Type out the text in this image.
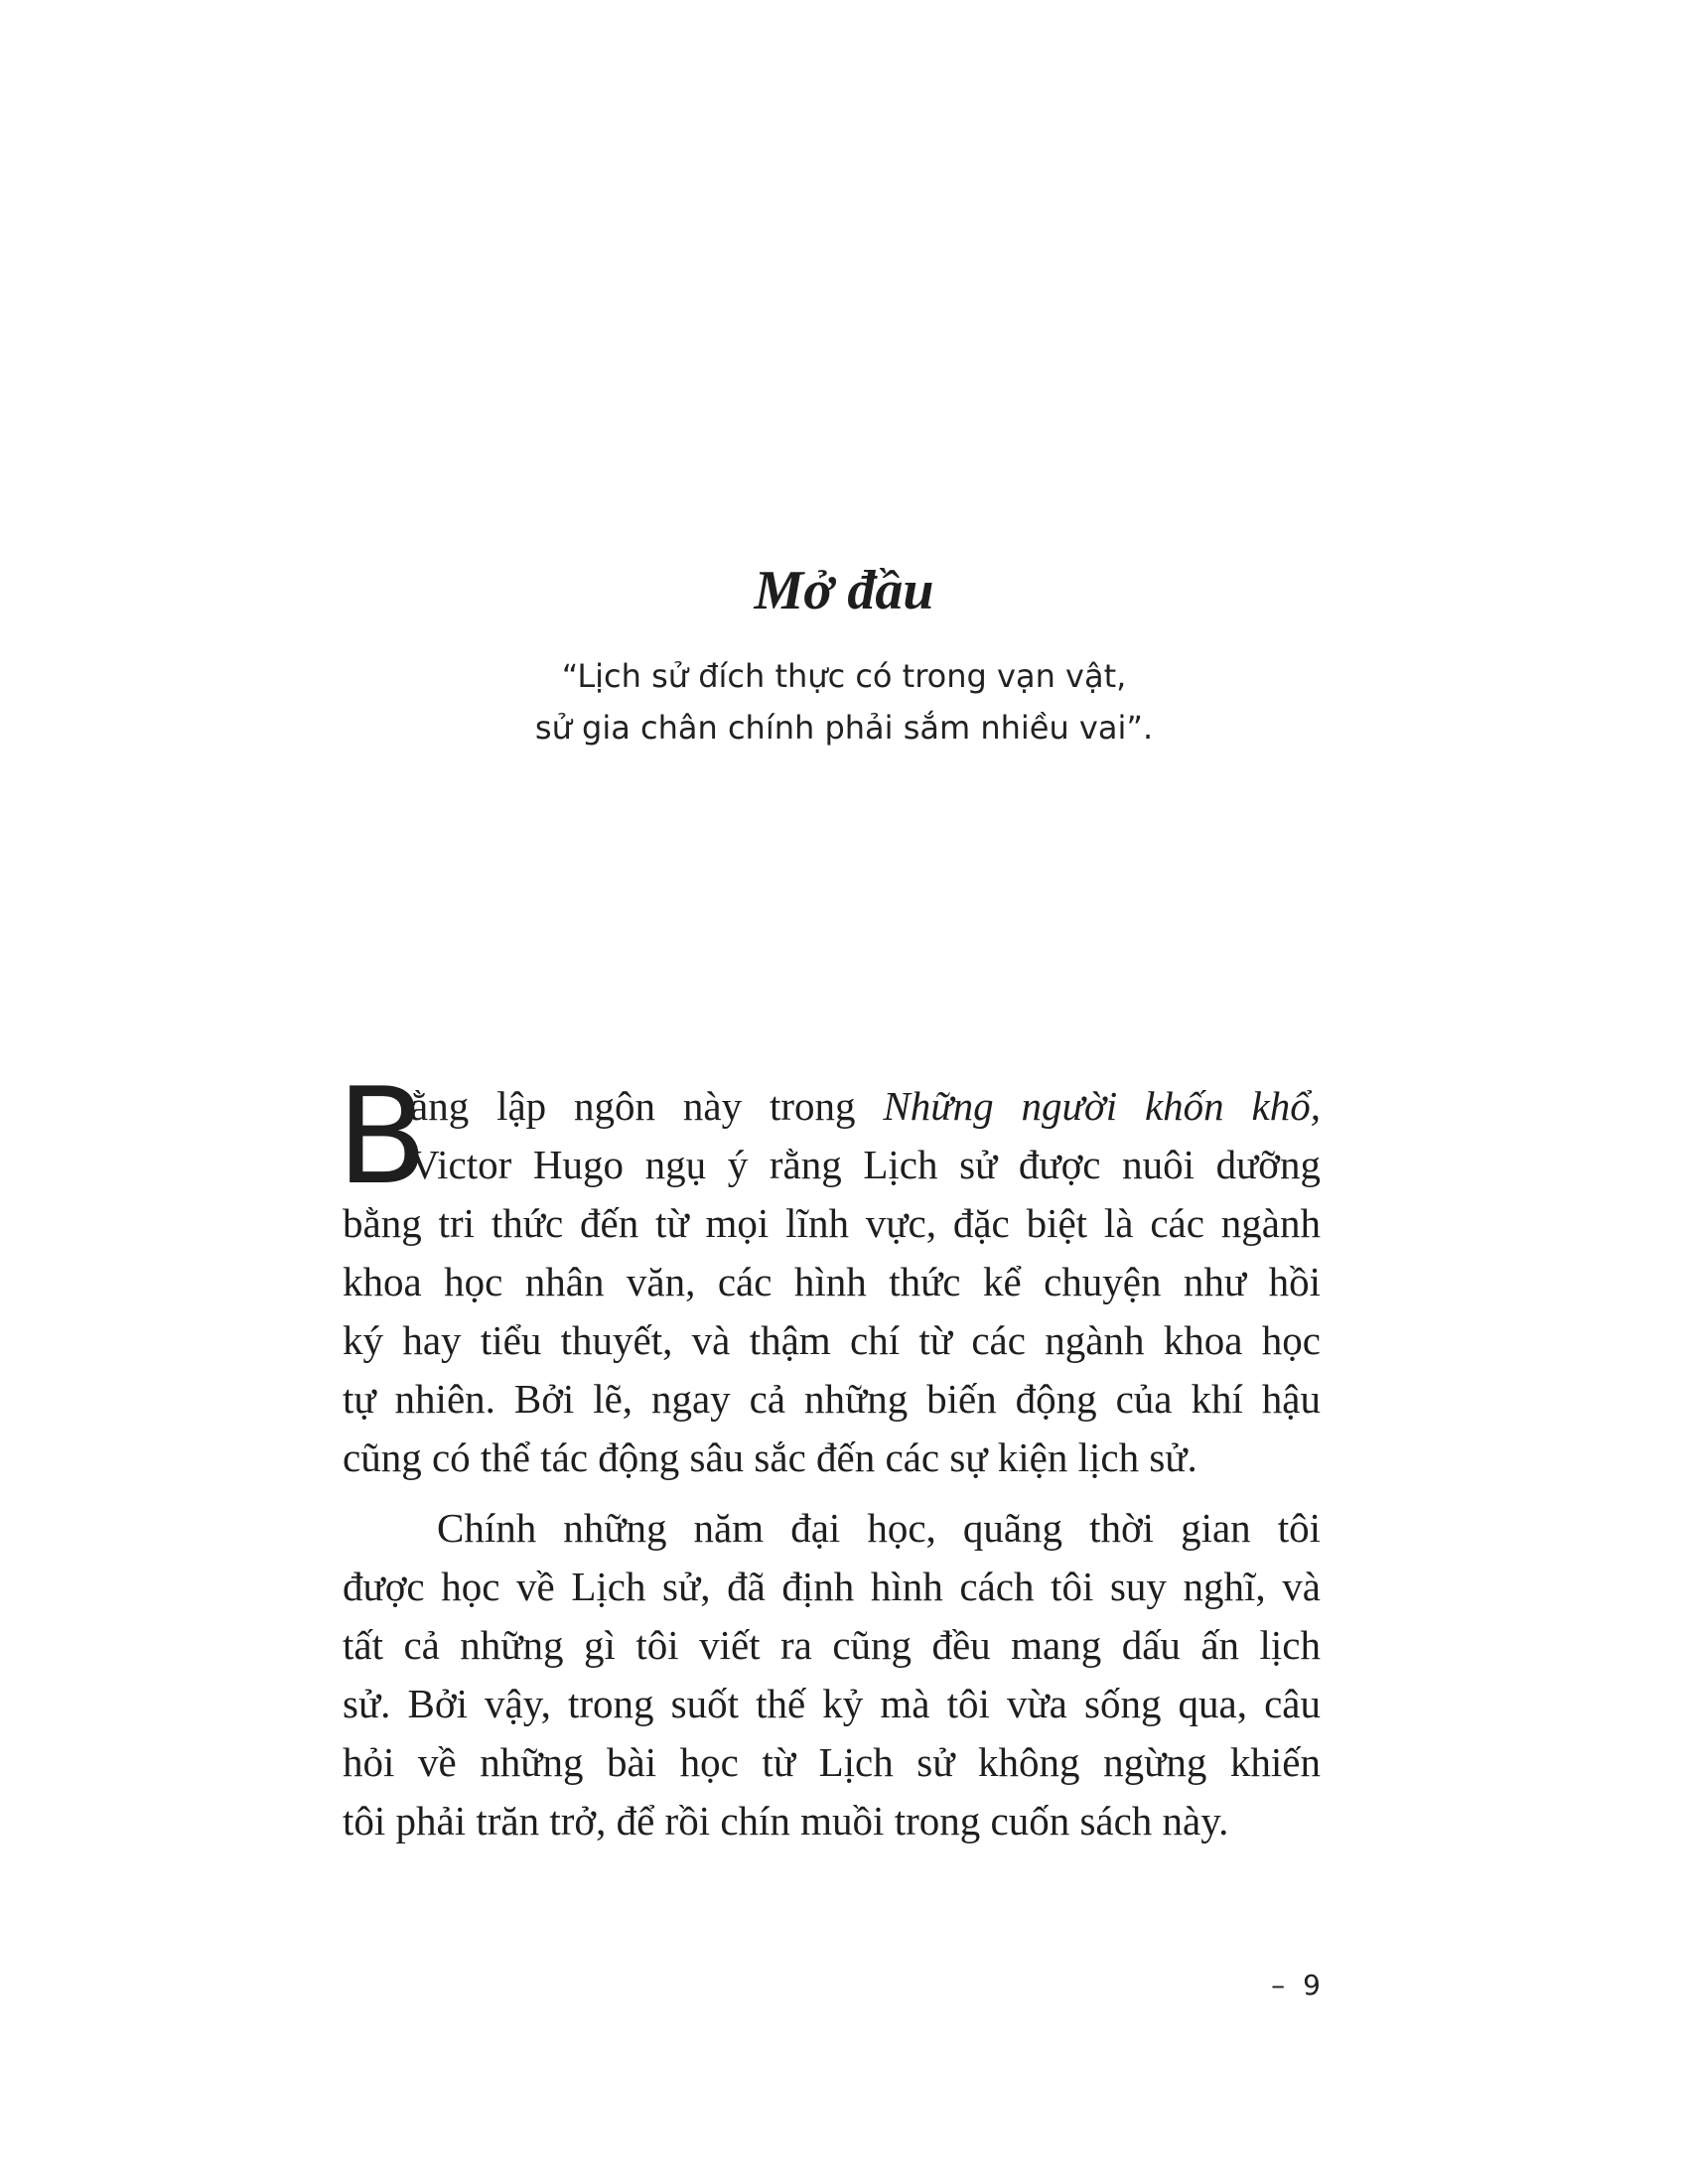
Mở đầu
“Lịch sử đích thực có trong vạn vật,
sử gia chân chính phải sắm nhiều vai”.
B
ằng lập ngôn này trong Những người khốn khổ,
Victor Hugo ngụ ý rằng Lịch sử được nuôi dưỡng
bằng tri thức đến từ mọi lĩnh vực, đặc biệt là các ngành
khoa học nhân văn, các hình thức kể chuyện như hồi
ký hay tiểu thuyết, và thậm chí từ các ngành khoa học
tự nhiên. Bởi lẽ, ngay cả những biến động của khí hậu
cũng có thể tác động sâu sắc đến các sự kiện lịch sử.
Chính những năm đại học, quãng thời gian tôi
được học về Lịch sử, đã định hình cách tôi suy nghĩ, và
tất cả những gì tôi viết ra cũng đều mang dấu ấn lịch
sử. Bởi vậy, trong suốt thế kỷ mà tôi vừa sống qua, câu
hỏi về những bài học từ Lịch sử không ngừng khiến
tôi phải trăn trở, để rồi chín muồi trong cuốn sách này.
– 9
